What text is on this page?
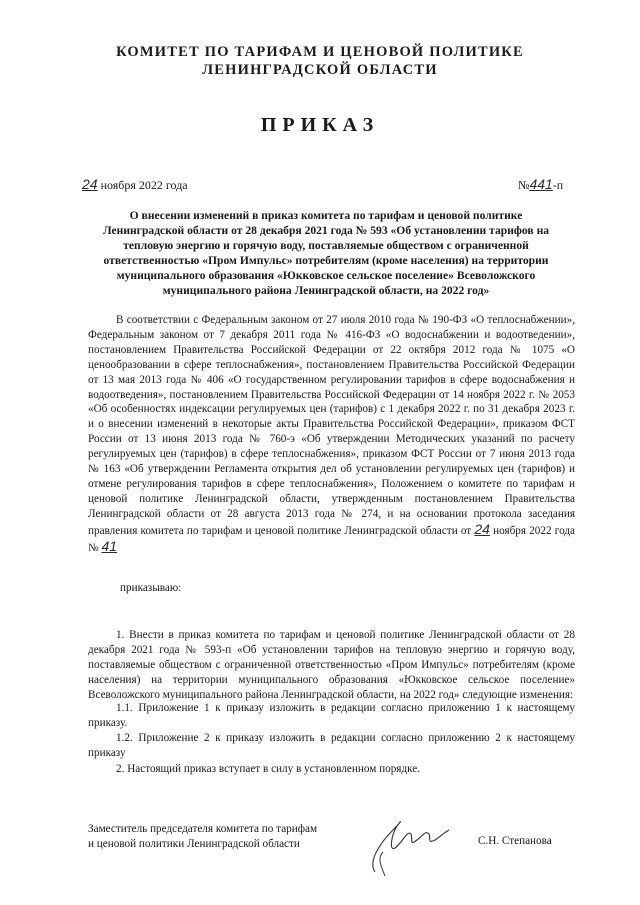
КОМИТЕТ ПО ТАРИФАМ И ЦЕНОВОЙ ПОЛИТИКЕ
ЛЕНИНГРАДСКОЙ ОБЛАСТИ
ПРИКАЗ
24 ноября 2022 года	№441-п
О внесении изменений в приказ комитета по тарифам и ценовой политике Ленинградской области от 28 декабря 2021 года № 593 «Об установлении тарифов на тепловую энергию и горячую воду, поставляемые обществом с ограниченной ответственностью «Пром Импульс» потребителям (кроме населения) на территории муниципального образования «Юкковское сельское поселение» Всеволожского муниципального района Ленинградской области, на 2022 год»
В соответствии с Федеральным законом от 27 июля 2010 года № 190-ФЗ «О теплоснабжении», Федеральным законом от 7 декабря 2011 года № 416-ФЗ «О водоснабжении и водоотведении», постановлением Правительства Российской Федерации от 22 октября 2012 года № 1075 «О ценообразовании в сфере теплоснабжения», постановлением Правительства Российской Федерации от 13 мая 2013 года № 406 «О государственном регулировании тарифов в сфере водоснабжения и водоотведения», постановлением Правительства Российской Федерации от 14 ноября 2022 г. № 2053 «Об особенностях индексации регулируемых цен (тарифов) с 1 декабря 2022 г. по 31 декабря 2023 г. и о внесении изменений в некоторые акты Правительства Российской Федерации», приказом ФСТ России от 13 июня 2013 года № 760-э «Об утверждении Методических указаний по расчету регулируемых цен (тарифов) в сфере теплоснабжения», приказом ФСТ России от 7 июня 2013 года № 163 «Об утверждении Регламента открытия дел об установлении регулируемых цен (тарифов) и отмене регулирования тарифов в сфере теплоснабжения», Положением о комитете по тарифам и ценовой политике Ленинградской области, утвержденным постановлением Правительства Ленинградской области от 28 августа 2013 года № 274, и на основании протокола заседания правления комитета по тарифам и ценовой политике Ленинградской области от 24 ноября 2022 года № 41
приказываю:
1. Внести в приказ комитета по тарифам и ценовой политике Ленинградской области от 28 декабря 2021 года № 593-п «Об установлении тарифов на тепловую энергию и горячую воду, поставляемые обществом с ограниченной ответственностью «Пром Импульс» потребителям (кроме населения) на территории муниципального образования «Юкковское сельское поселение» Всеволожского муниципального района Ленинградской области, на 2022 год» следующие изменения:
1.1. Приложение 1 к приказу изложить в редакции согласно приложению 1 к настоящему приказу.
1.2. Приложение 2 к приказу изложить в редакции согласно приложению 2 к настоящему приказу
2. Настоящий приказ вступает в силу в установленном порядке.
Заместитель председателя комитета по тарифам
и ценовой политики Ленинградской области	С.Н. Степанова
